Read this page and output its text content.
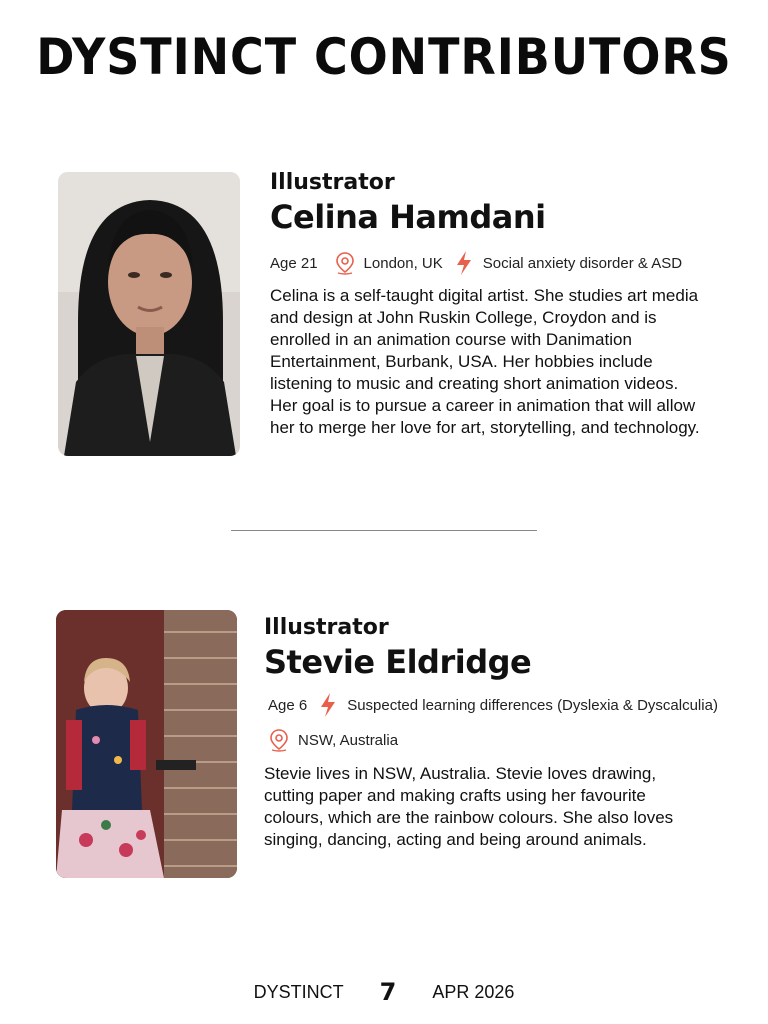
DYSTINCT CONTRIBUTORS
Illustrator
Celina Hamdani
Age 21	London, UK	Social anxiety disorder & ASD
Celina is a self-taught digital artist. She studies art media and design at John Ruskin College, Croydon and is enrolled in an animation course with Danimation Entertainment, Burbank, USA. Her hobbies include listening to music and creating short animation videos. Her goal is to pursue a career in animation that will allow her to merge her love for art, storytelling, and technology.
Illustrator
Stevie Eldridge
Age 6	Suspected learning differences (Dyslexia & Dyscalculia)
NSW, Australia
Stevie lives in NSW, Australia. Stevie loves drawing, cutting paper and making crafts using her favourite colours, which are the rainbow colours. She also loves singing, dancing, acting and being around animals.
DYSTINCT 7 APR 2026
